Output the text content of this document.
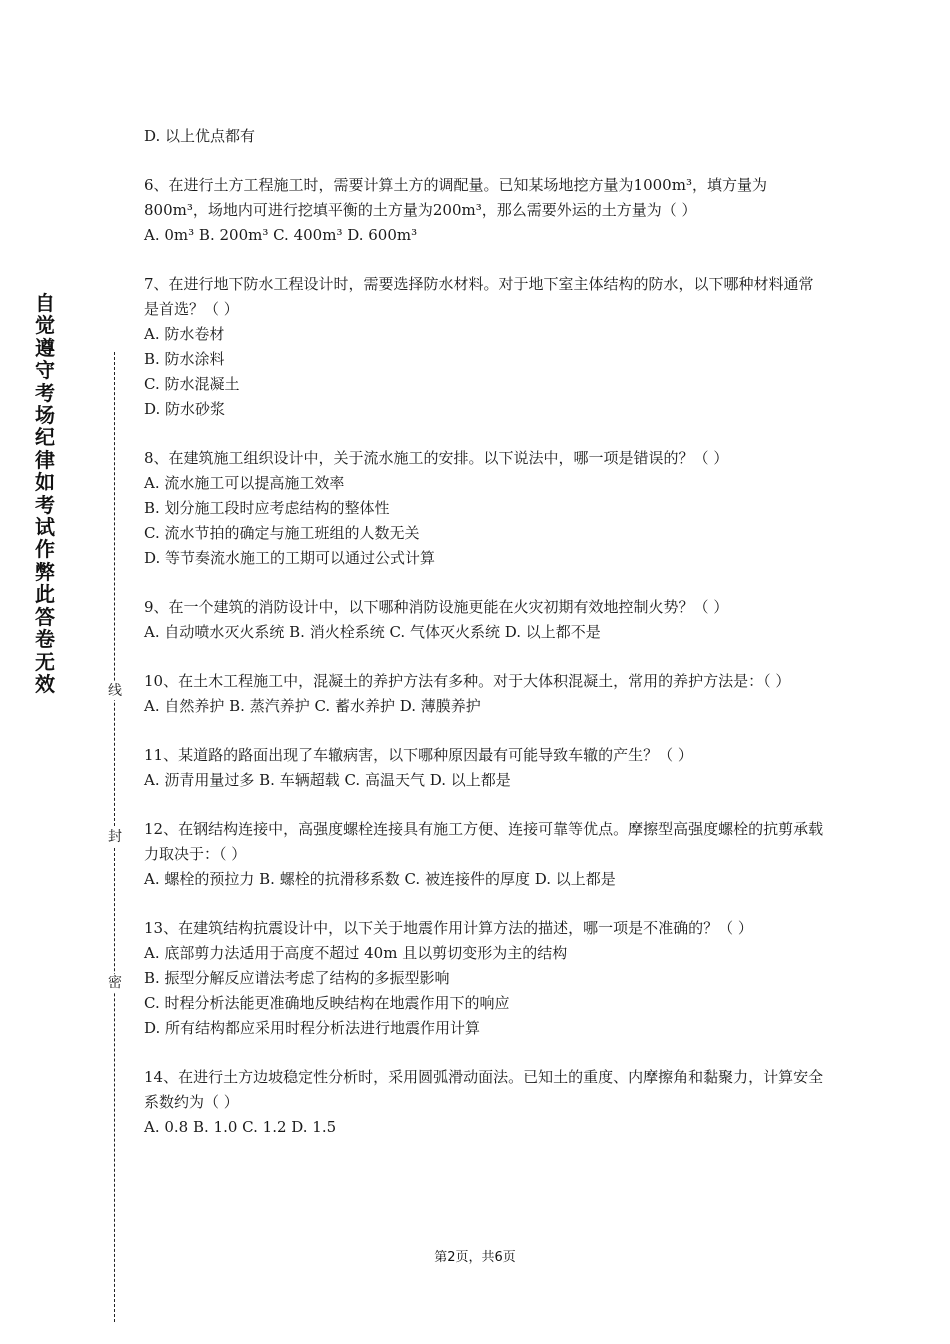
自觉遵守考场纪律如考试作弊此答卷无效	线
封
密

D. 以上优点都有

6、在进行土方工程施工时，需要计算土方的调配量。已知某场地挖方量为1000m³，填方量为800m³，场地内可进行挖填平衡的土方量为200m³，那么需要外运的土方量为（ ）

A. 0m³ B. 200m³ C. 400m³ D. 600m³

7、在进行地下防水工程设计时，需要选择防水材料。对于地下室主体结构的防水，以下哪种材料通常是首选？（ ）

A. 防水卷材

B. 防水涂料

C. 防水混凝土

D. 防水砂浆

8、在建筑施工组织设计中，关于流水施工的安排。以下说法中，哪一项是错误的？（ ）

A. 流水施工可以提高施工效率

B. 划分施工段时应考虑结构的整体性

C. 流水节拍的确定与施工班组的人数无关

D. 等节奏流水施工的工期可以通过公式计算

9、在一个建筑的消防设计中，以下哪种消防设施更能在火灾初期有效地控制火势？（ ）

A. 自动喷水灭火系统 B. 消火栓系统 C. 气体灭火系统 D. 以上都不是

10、在土木工程施工中，混凝土的养护方法有多种。对于大体积混凝土，常用的养护方法是：（ ）

A. 自然养护 B. 蒸汽养护 C. 蓄水养护 D. 薄膜养护

11、某道路的路面出现了车辙病害，以下哪种原因最有可能导致车辙的产生？（ ）

A. 沥青用量过多 B. 车辆超载 C. 高温天气 D. 以上都是

12、在钢结构连接中，高强度螺栓连接具有施工方便、连接可靠等优点。摩擦型高强度螺栓的抗剪承载力取决于：（ ）

A. 螺栓的预拉力 B. 螺栓的抗滑移系数 C. 被连接件的厚度 D. 以上都是

13、在建筑结构抗震设计中，以下关于地震作用计算方法的描述，哪一项是不准确的？（ ）

A. 底部剪力法适用于高度不超过 40m 且以剪切变形为主的结构

B. 振型分解反应谱法考虑了结构的多振型影响

C. 时程分析法能更准确地反映结构在地震作用下的响应

D. 所有结构都应采用时程分析法进行地震作用计算

14、在进行土方边坡稳定性分析时，采用圆弧滑动面法。已知土的重度、内摩擦角和黏聚力，计算安全系数约为（ ）

A. 0.8 B. 1.0 C. 1.2 D. 1.5

第2页，共6页
